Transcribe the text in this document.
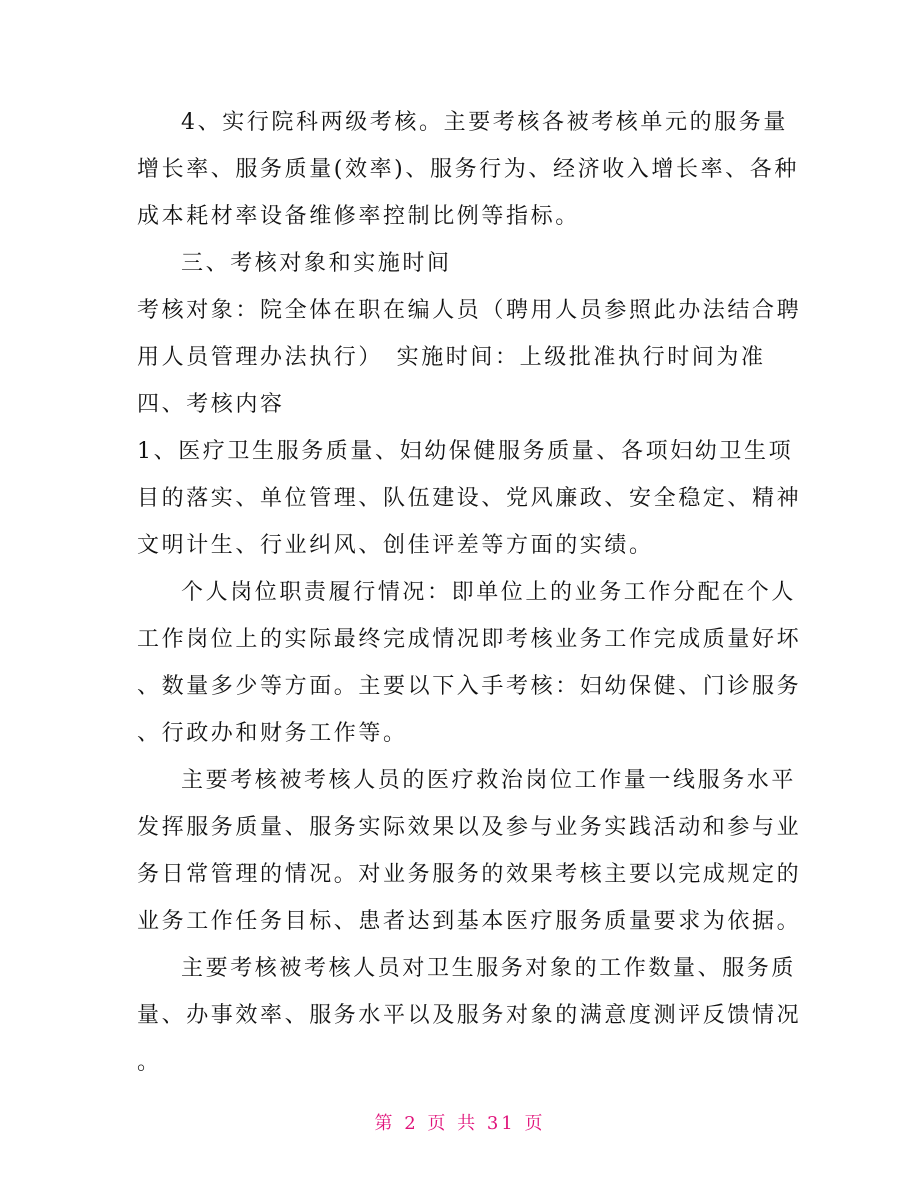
4、实行院科两级考核。主要考核各被考核单元的服务量
增长率、服务质量(效率)、服务行为、经济收入增长率、各种
成本耗材率设备维修率控制比例等指标。
三、考核对象和实施时间
考核对象：院全体在职在编人员（聘用人员参照此办法结合聘
用人员管理办法执行）　实施时间：上级批准执行时间为准
四、考核内容
1、医疗卫生服务质量、妇幼保健服务质量、各项妇幼卫生项
目的落实、单位管理、队伍建设、党风廉政、安全稳定、精神
文明计生、行业纠风、创佳评差等方面的实绩。
个人岗位职责履行情况：即单位上的业务工作分配在个人
工作岗位上的实际最终完成情况即考核业务工作完成质量好坏
、数量多少等方面。主要以下入手考核：妇幼保健、门诊服务
、行政办和财务工作等。
主要考核被考核人员的医疗救治岗位工作量一线服务水平
发挥服务质量、服务实际效果以及参与业务实践活动和参与业
务日常管理的情况。对业务服务的效果考核主要以完成规定的
业务工作任务目标、患者达到基本医疗服务质量要求为依据。
主要考核被考核人员对卫生服务对象的工作数量、服务质
量、办事效率、服务水平以及服务对象的满意度测评反馈情况
。
第 2 页 共 31 页
